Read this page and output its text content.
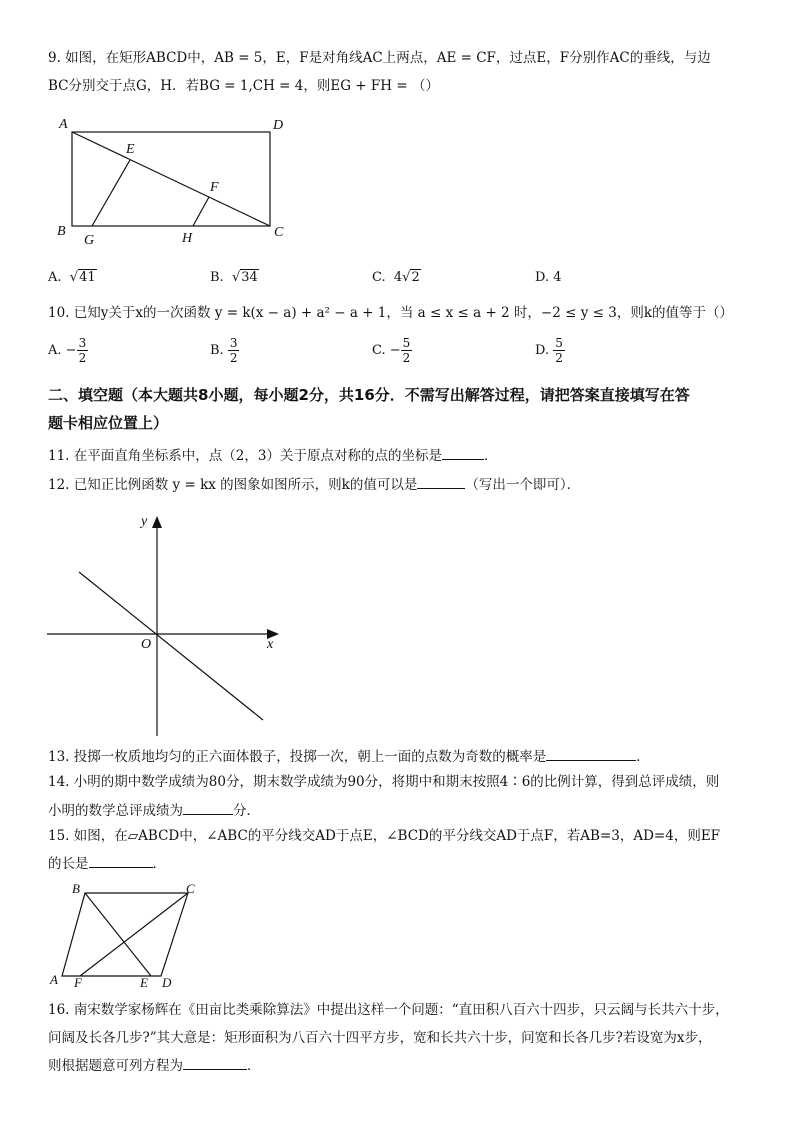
9. 如图，在矩形ABCD中，AB = 5，E，F是对角线AC上两点，AE = CF，过点E，F分别作AC的垂线，与边
BC分别交于点G，H．若BG = 1,CH = 4，则EG + FH = （）
A	D
B	C
E
F
G	H
A. √41	B. √34	C. 4√2	D. 4
10. 已知y关于x的一次函数 y = k(x − a) + a² − a + 1，当 a ≤ x ≤ a + 2 时，−2 ≤ y ≤ 3，则k的值等于（）
A. − $\frac{3}{2}$	B. $\frac{3}{2}$	C. − $\frac{5}{2}$	D. $\frac{5}{2}$
二、填空题（本大题共8小题，每小题2分，共16分．不需写出解答过程，请把答案直接填写在答
题卡相应位置上）
11. 在平面直角坐标系中，点（2，3）关于原点对称的点的坐标是	．
12. 已知正比例函数 y = kx 的图象如图所示，则k的值可以是	（写出一个即可）．
y
x
O
13. 投掷一枚质地均匀的正六面体骰子，投掷一次，朝上一面的点数为奇数的概率是	．
14. 小明的期中数学成绩为80分，期末数学成绩为90分，将期中和期末按照4∶6的比例计算，得到总评成绩，则
小明的数学总评成绩为	分．
15. 如图，在▱ABCD中，∠ABC的平分线交AD于点E，∠BCD的平分线交AD于点F，若AB=3，AD=4，则EF
的长是	．
B	C
A F	E D
16. 南宋数学家杨辉在《田亩比类乘除算法》中提出这样一个问题：“直田积八百六十四步，只云阔与长共六十步，
问阔及长各几步?”其大意是：矩形面积为八百六十四平方步，宽和长共六十步，问宽和长各几步?若设宽为x步，
则根据题意可列方程为	．
